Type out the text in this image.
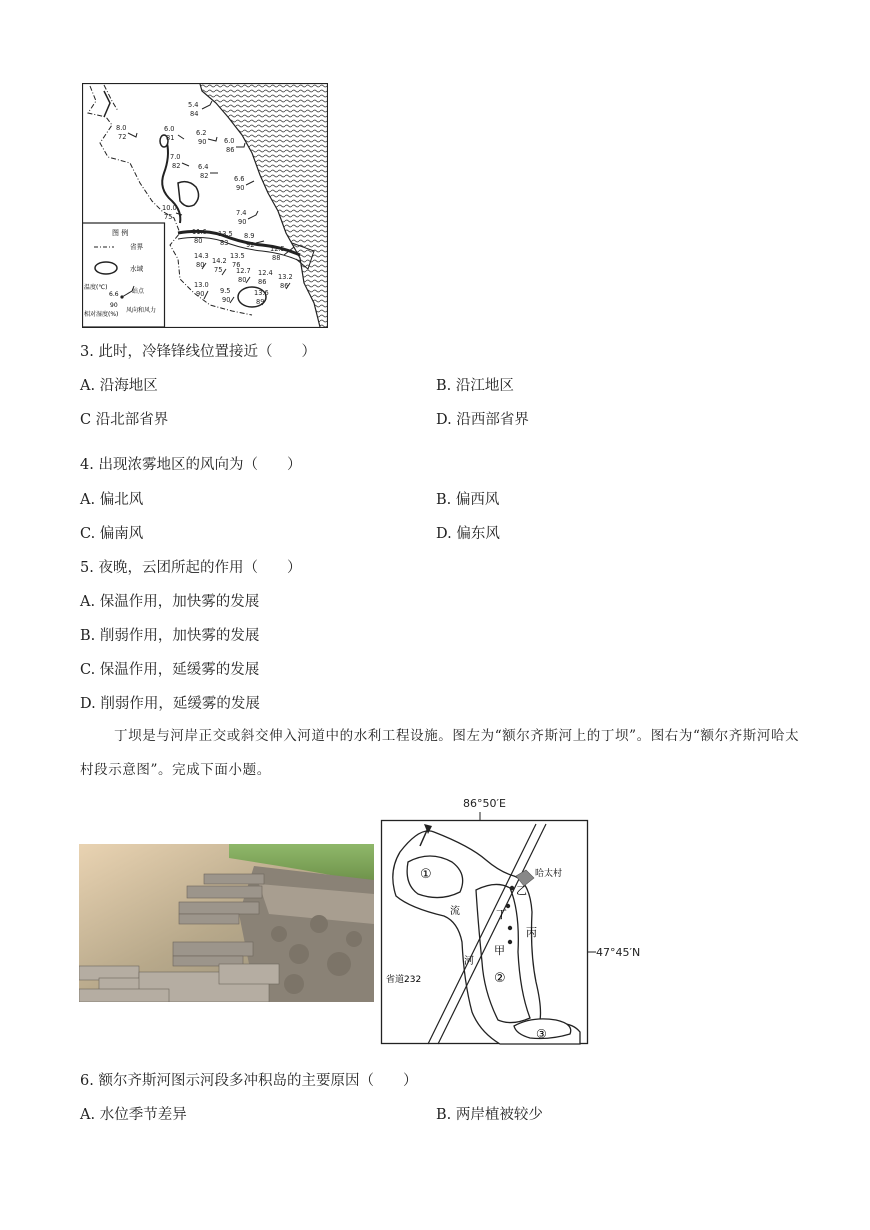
5.4
84
8.0
72
6.0
81
6.2
90	6.0
86
7.0
82	6.4
82	6.6
90
10.0
75	7.4
90
13.5
83
8.9
92
11.6
80
13.5
76
12.5
88
14.3
80 14.2
75 12.7
80
12.4
86
13.2
86
13.0
90 9.5
90
13.6
89
图 例
省界
水域
温度(℃)
6.6
90
站点
相对湿度(%)
风向和风力
3. 此时，冷锋锋线位置接近（　　）
A. 沿海地区	B. 沿江地区
C 沿北部省界	D. 沿西部省界
4. 出现浓雾地区的风向为（　　）
A. 偏北风	B. 偏西风
C. 偏南风	D. 偏东风
5. 夜晚，云团所起的作用（　　）
A. 保温作用，加快雾的发展
B. 削弱作用，加快雾的发展
C. 保温作用，延缓雾的发展
D. 削弱作用，延缓雾的发展
丁坝是与河岸正交或斜交伸入河道中的水利工程设施。图左为“额尔齐斯河上的丁坝”。图右为“额尔齐斯河哈太村段示意图”。完成下面小题。
86°50′E
47°45′N
哈太村
省道232
流
河
乙
丁
丙
甲
①
②
③
6. 额尔齐斯河图示河段多冲积岛的主要原因（　　）
A. 水位季节差异	B. 两岸植被较少
